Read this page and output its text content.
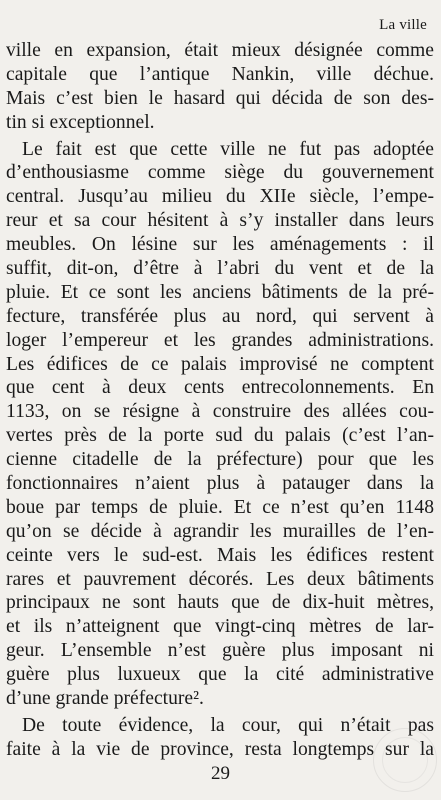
La ville
ville en expansion, était mieux désignée comme
capitale que l’antique Nankin, ville déchue.
Mais c’est bien le hasard qui décida de son des-
tin si exceptionnel.
Le fait est que cette ville ne fut pas adoptée
d’enthousiasme comme siège du gouvernement
central. Jusqu’au milieu du XIIe siècle, l’empe-
reur et sa cour hésitent à s’y installer dans leurs
meubles. On lésine sur les aménagements : il
suffit, dit-on, d’être à l’abri du vent et de la
pluie. Et ce sont les anciens bâtiments de la pré-
fecture, transférée plus au nord, qui servent à
loger l’empereur et les grandes administrations.
Les édifices de ce palais improvisé ne comptent
que cent à deux cents entrecolonnements. En
1133, on se résigne à construire des allées cou-
vertes près de la porte sud du palais (c’est l’an-
cienne citadelle de la préfecture) pour que les
fonctionnaires n’aient plus à patauger dans la
boue par temps de pluie. Et ce n’est qu’en 1148
qu’on se décide à agrandir les murailles de l’en-
ceinte vers le sud-est. Mais les édifices restent
rares et pauvrement décorés. Les deux bâtiments
principaux ne sont hauts que de dix-huit mètres,
et ils n’atteignent que vingt-cinq mètres de lar-
geur. L’ensemble n’est guère plus imposant ni
guère plus luxueux que la cité administrative
d’une grande préfecture².
De toute évidence, la cour, qui n’était pas
faite à la vie de province, resta longtemps sur la
29
